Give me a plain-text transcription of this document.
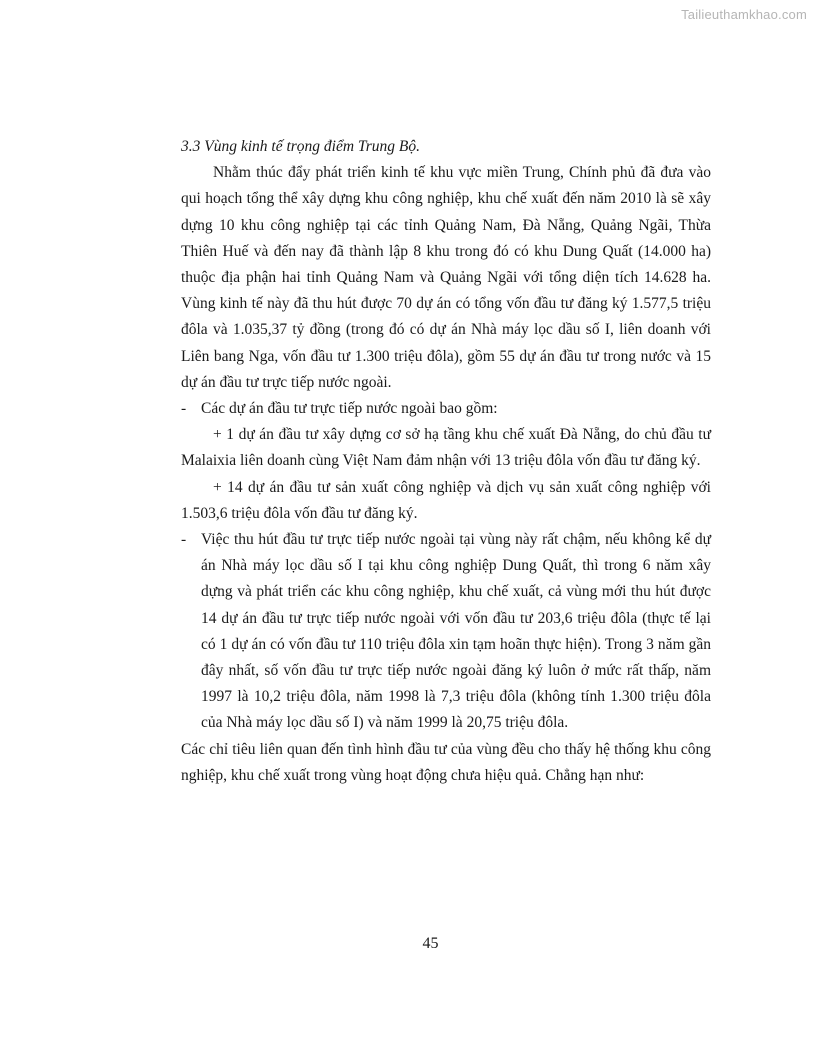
Tailieuthamkhao.com

3.3 Vùng kinh tế trọng điểm Trung Bộ.

Nhằm thúc đẩy phát triển kinh tế khu vực miền Trung, Chính phủ đã đưa vào qui hoạch tổng thể xây dựng khu công nghiệp, khu chế xuất đến năm 2010 là sẽ xây dựng 10 khu công nghiệp tại các tỉnh Quảng Nam, Đà Nẵng, Quảng Ngãi, Thừa Thiên Huế và đến nay đã thành lập 8 khu trong đó có khu Dung Quất (14.000 ha) thuộc địa phận hai tỉnh Quảng Nam và Quảng Ngãi với tổng diện tích 14.628 ha. Vùng kinh tế này đã thu hút được 70 dự án có tổng vốn đầu tư đăng ký 1.577,5 triệu đôla và 1.035,37 tỷ đồng (trong đó có dự án Nhà máy lọc dầu số I, liên doanh với Liên bang Nga, vốn đầu tư 1.300 triệu đôla), gồm 55 dự án đầu tư trong nước và 15 dự án đầu tư trực tiếp nước ngoài.

- Các dự án đầu tư trực tiếp nước ngoài bao gồm:

+ 1 dự án đầu tư xây dựng cơ sở hạ tầng khu chế xuất Đà Nẵng, do chủ đầu tư Malaixia liên doanh cùng Việt Nam đảm nhận với 13 triệu đôla vốn đầu tư đăng ký.

+ 14 dự án đầu tư sản xuất công nghiệp và dịch vụ sản xuất công nghiệp với 1.503,6 triệu đôla vốn đầu tư đăng ký.

- Việc thu hút đầu tư trực tiếp nước ngoài tại vùng này rất chậm, nếu không kể dự án Nhà máy lọc dầu số I tại khu công nghiệp Dung Quất, thì trong 6 năm xây dựng và phát triển các khu công nghiệp, khu chế xuất, cả vùng mới thu hút được 14 dự án đầu tư trực tiếp nước ngoài với vốn đầu tư 203,6 triệu đôla (thực tế lại có 1 dự án có vốn đầu tư 110 triệu đôla xin tạm hoãn thực hiện). Trong 3 năm gần đây nhất, số vốn đầu tư trực tiếp nước ngoài đăng ký luôn ở mức rất thấp, năm 1997 là 10,2 triệu đôla, năm 1998 là 7,3 triệu đôla (không tính 1.300 triệu đôla của Nhà máy lọc dầu số I) và năm 1999 là 20,75 triệu đôla.

Các chỉ tiêu liên quan đến tình hình đầu tư của vùng đều cho thấy hệ thống khu công nghiệp, khu chế xuất trong vùng hoạt động chưa hiệu quả. Chẳng hạn như:

45
